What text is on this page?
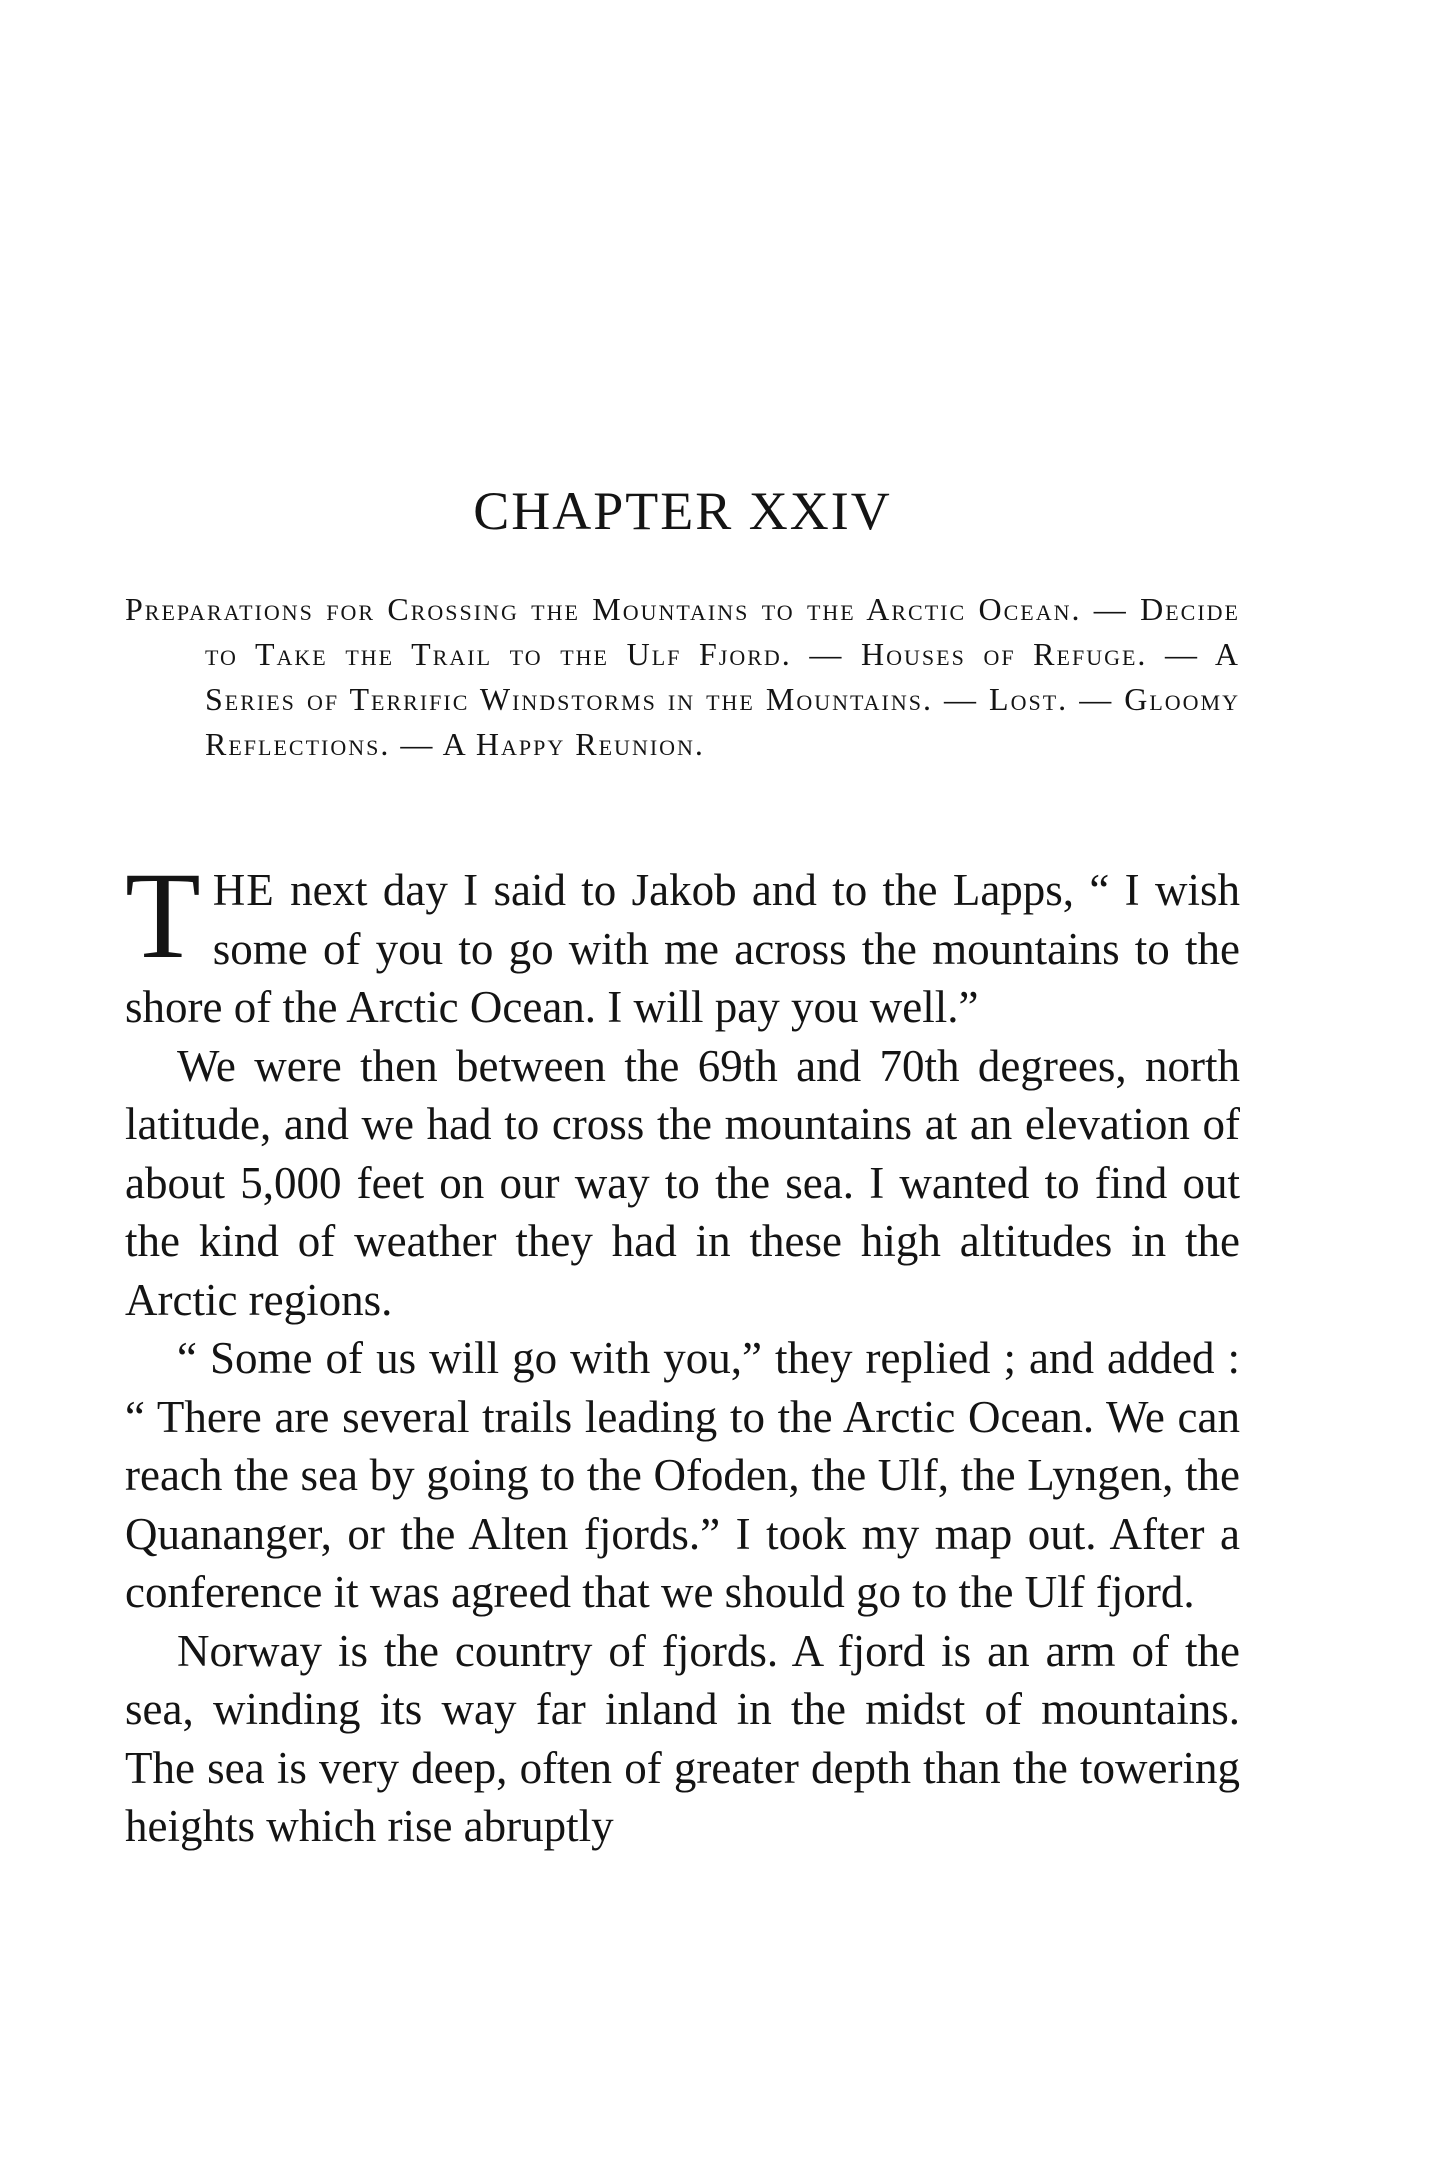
CHAPTER XXIV

Preparations for Crossing the Mountains to the Arctic Ocean. — Decide to Take the Trail to the Ulf Fjord. — Houses of Refuge. — A Series of Terrific Windstorms in the Mountains. — Lost. — Gloomy Reflections. — A Happy Reunion.

THE next day I said to Jakob and to the Lapps, “ I wish some of you to go with me across the mountains to the shore of the Arctic Ocean. I will pay you well.”

We were then between the 69th and 70th degrees, north latitude, and we had to cross the mountains at an elevation of about 5,000 feet on our way to the sea. I wanted to find out the kind of weather they had in these high altitudes in the Arctic regions.

“ Some of us will go with you,” they replied ; and added : “ There are several trails leading to the Arctic Ocean. We can reach the sea by going to the Ofoden, the Ulf, the Lyngen, the Quananger, or the Alten fjords.” I took my map out. After a conference it was agreed that we should go to the Ulf fjord.

Norway is the country of fjords. A fjord is an arm of the sea, winding its way far inland in the midst of mountains. The sea is very deep, often of greater depth than the towering heights which rise abruptly
